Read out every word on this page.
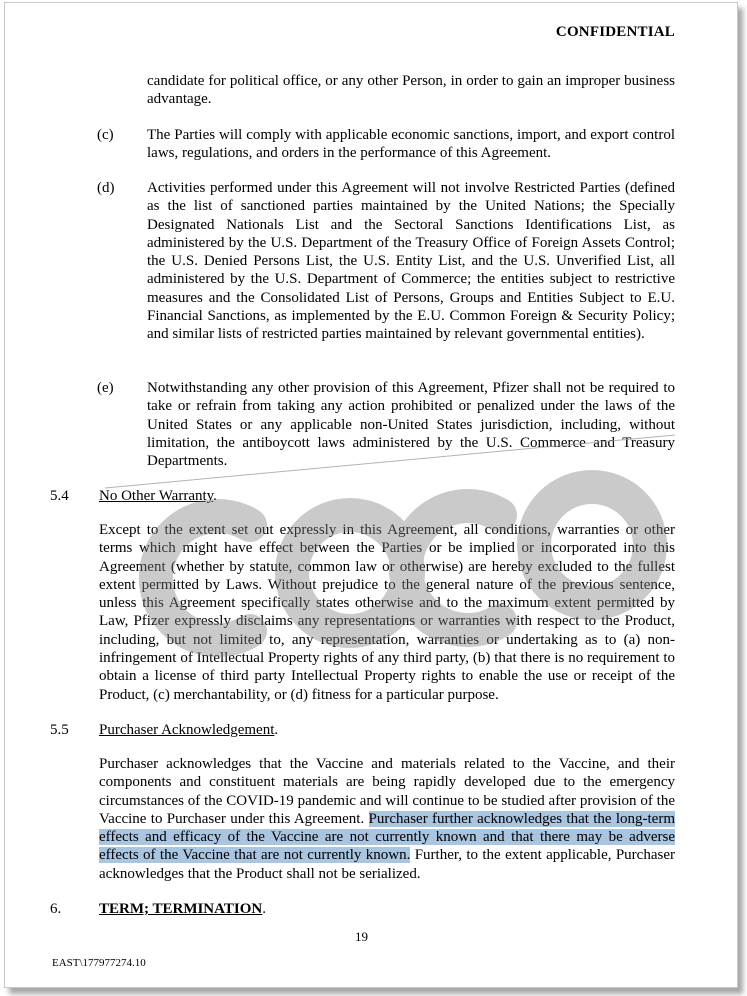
CONFIDENTIAL

candidate for political office, or any other Person, in order to gain an improper business advantage.

(c) The Parties will comply with applicable economic sanctions, import, and export control laws, regulations, and orders in the performance of this Agreement.

(d) Activities performed under this Agreement will not involve Restricted Parties (defined as the list of sanctioned parties maintained by the United Nations; the Specially Designated Nationals List and the Sectoral Sanctions Identifications List, as administered by the U.S. Department of the Treasury Office of Foreign Assets Control; the U.S. Denied Persons List, the U.S. Entity List, and the U.S. Unverified List, all administered by the U.S. Department of Commerce; the entities subject to restrictive measures and the Consolidated List of Persons, Groups and Entities Subject to E.U. Financial Sanctions, as implemented by the E.U. Common Foreign & Security Policy; and similar lists of restricted parties maintained by relevant governmental entities).

(e) Notwithstanding any other provision of this Agreement, Pfizer shall not be required to take or refrain from taking any action prohibited or penalized under the laws of the United States or any applicable non-United States jurisdiction, including, without limitation, the antiboycott laws administered by the U.S. Commerce and Treasury Departments.

5.4 No Other Warranty.

Except to the extent set out expressly in this Agreement, all conditions, warranties or other terms which might have effect between the Parties or be implied or incorporated into this Agreement (whether by statute, common law or otherwise) are hereby excluded to the fullest extent permitted by Laws. Without prejudice to the general nature of the previous sentence, unless this Agreement specifically states otherwise and to the maximum extent permitted by Law, Pfizer expressly disclaims any representations or warranties with respect to the Product, including, but not limited to, any representation, warranties or undertaking as to (a) non-infringement of Intellectual Property rights of any third party, (b) that there is no requirement to obtain a license of third party Intellectual Property rights to enable the use or receipt of the Product, (c) merchantability, or (d) fitness for a particular purpose.

5.5 Purchaser Acknowledgement.

Purchaser acknowledges that the Vaccine and materials related to the Vaccine, and their components and constituent materials are being rapidly developed due to the emergency circumstances of the COVID-19 pandemic and will continue to be studied after provision of the Vaccine to Purchaser under this Agreement. Purchaser further acknowledges that the long-term effects and efficacy of the Vaccine are not currently known and that there may be adverse effects of the Vaccine that are not currently known. Further, to the extent applicable, Purchaser acknowledges that the Product shall not be serialized.

6.	TERM; TERMINATION.
19
EAST\177977274.10
